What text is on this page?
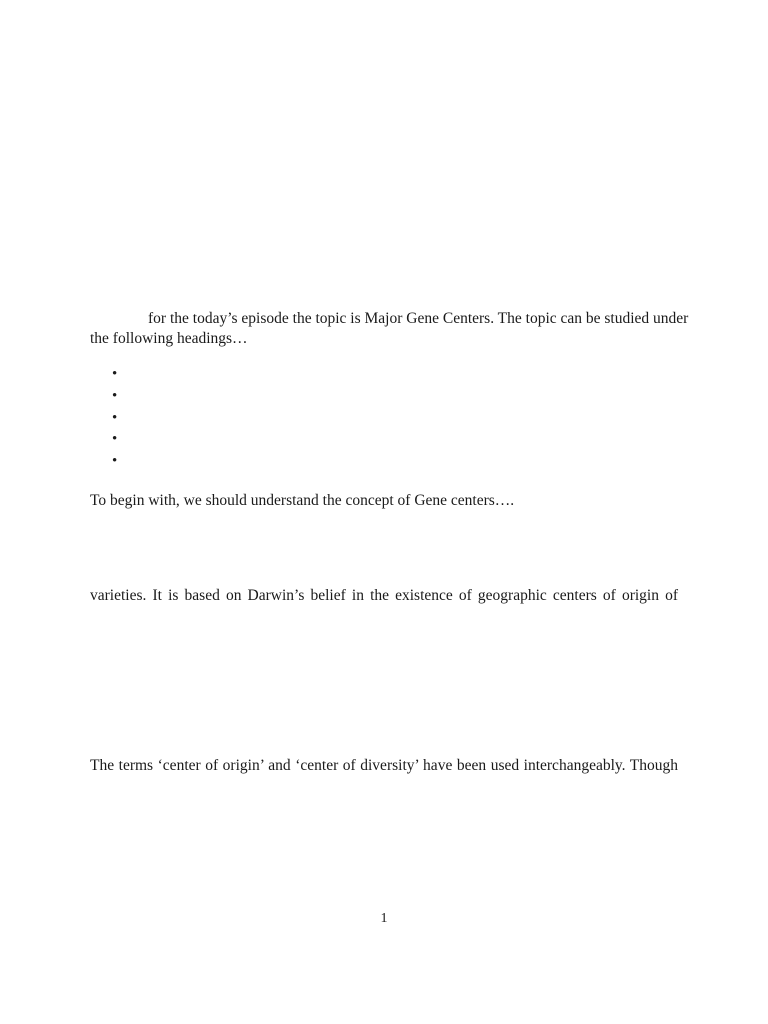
for the today’s episode the topic is Major Gene Centers. The topic can be studied under
the following headings…
•
•
•
•
•
To begin with, we should understand the concept of Gene centers….
varieties. It is based on Darwin’s belief in the existence of geographic centers of origin of
The terms ‘center of origin’ and ‘center of diversity’ have been used interchangeably. Though
1
